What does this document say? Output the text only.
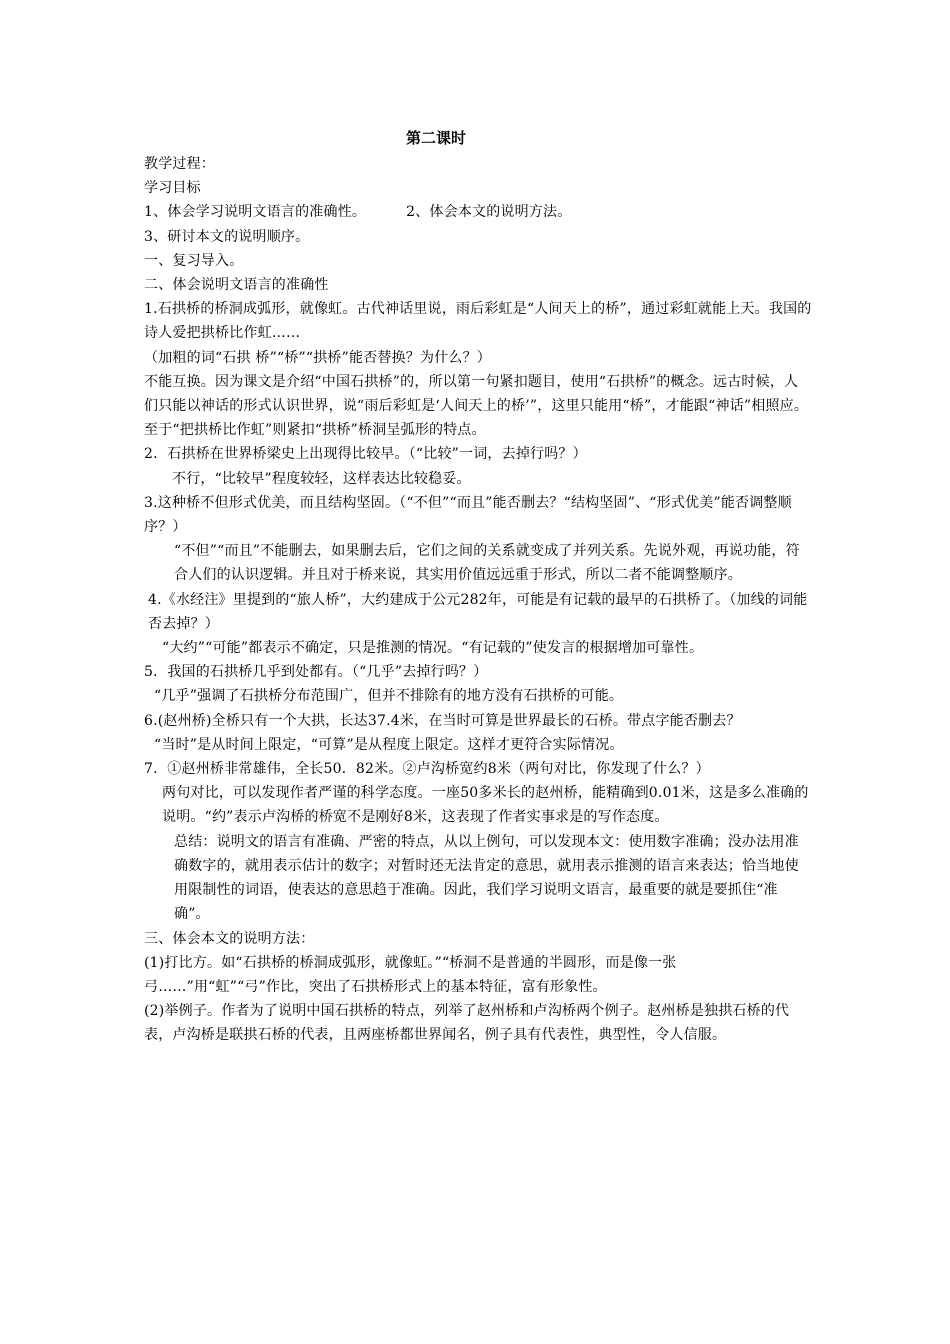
第二课时

教学过程：

学习目标

1、体会学习说明文语言的准确性。	2、体会本文的说明方法。

3、研讨本文的说明顺序。

一、复习导入。

二、体会说明文语言的准确性

1.石拱桥的桥洞成弧形，就像虹。古代神话里说，雨后彩虹是“人间天上的桥”，通过彩虹就能上天。我国的诗人爱把拱桥比作虹……

（加粗的词“石拱 桥”“桥”“拱桥”能否替换？为什么？）

不能互换。因为课文是介绍“中国石拱桥”的，所以第一句紧扣题目，使用“石拱桥”的概念。远古时候，人们只能以神话的形式认识世界，说“雨后彩虹是‘人间天上的桥’”，这里只能用“桥”，才能跟“神话”相照应。至于“把拱桥比作虹”则紧扣“拱桥”桥洞呈弧形的特点。

2．石拱桥在世界桥梁史上出现得比较早。（“比较”一词，去掉行吗？）

不行，“比较早”程度较轻，这样表达比较稳妥。

3.这种桥不但形式优美，而且结构坚固。（“不但”“而且”能否删去？“结构坚固”、“形式优美”能否调整顺序？）

“不但”“而且”不能删去，如果删去后，它们之间的关系就变成了并列关系。先说外观，再说功能，符合人们的认识逻辑。并且对于桥来说，其实用价值远远重于形式，所以二者不能调整顺序。

4.《水经注》里提到的“旅人桥”，大约建成于公元282年，可能是有记载的最早的石拱桥了。（加线的词能否去掉？）

“大约”“可能”都表示不确定，只是推测的情况。“有记载的”使发言的根据增加可靠性。

5．我国的石拱桥几乎到处都有。（“几乎”去掉行吗？）

“几乎”强调了石拱桥分布范围广，但并不排除有的地方没有石拱桥的可能。

6.(赵州桥)全桥只有一个大拱，长达37.4米，在当时可算是世界最长的石桥。带点字能否删去？

“当时”是从时间上限定，“可算”是从程度上限定。这样才更符合实际情况。

7．①赵州桥非常雄伟，全长50．82米。②卢沟桥宽约8米（两句对比，你发现了什么？）

两句对比，可以发现作者严谨的科学态度。一座50多米长的赵州桥，能精确到0.01米，这是多么准确的说明。“约”表示卢沟桥的桥宽不是刚好8米，这表现了作者实事求是的写作态度。

总结：说明文的语言有准确、严密的特点，从以上例句，可以发现本文：使用数字准确；没办法用准确数字的，就用表示估计的数字；对暂时还无法肯定的意思，就用表示推测的语言来表达；恰当地使用限制性的词语，使表达的意思趋于准确。因此，我们学习说明文语言，最重要的就是要抓住“准确”。

三、体会本文的说明方法：

(1)打比方。如“石拱桥的桥洞成弧形，就像虹。”“桥洞不是普通的半圆形，而是像一张弓……”用“虹”“弓”作比，突出了石拱桥形式上的基本特征，富有形象性。

(2)举例子。作者为了说明中国石拱桥的特点，列举了赵州桥和卢沟桥两个例子。赵州桥是独拱石桥的代表，卢沟桥是联拱石桥的代表，且两座桥都世界闻名，例子具有代表性，典型性，令人信服。
